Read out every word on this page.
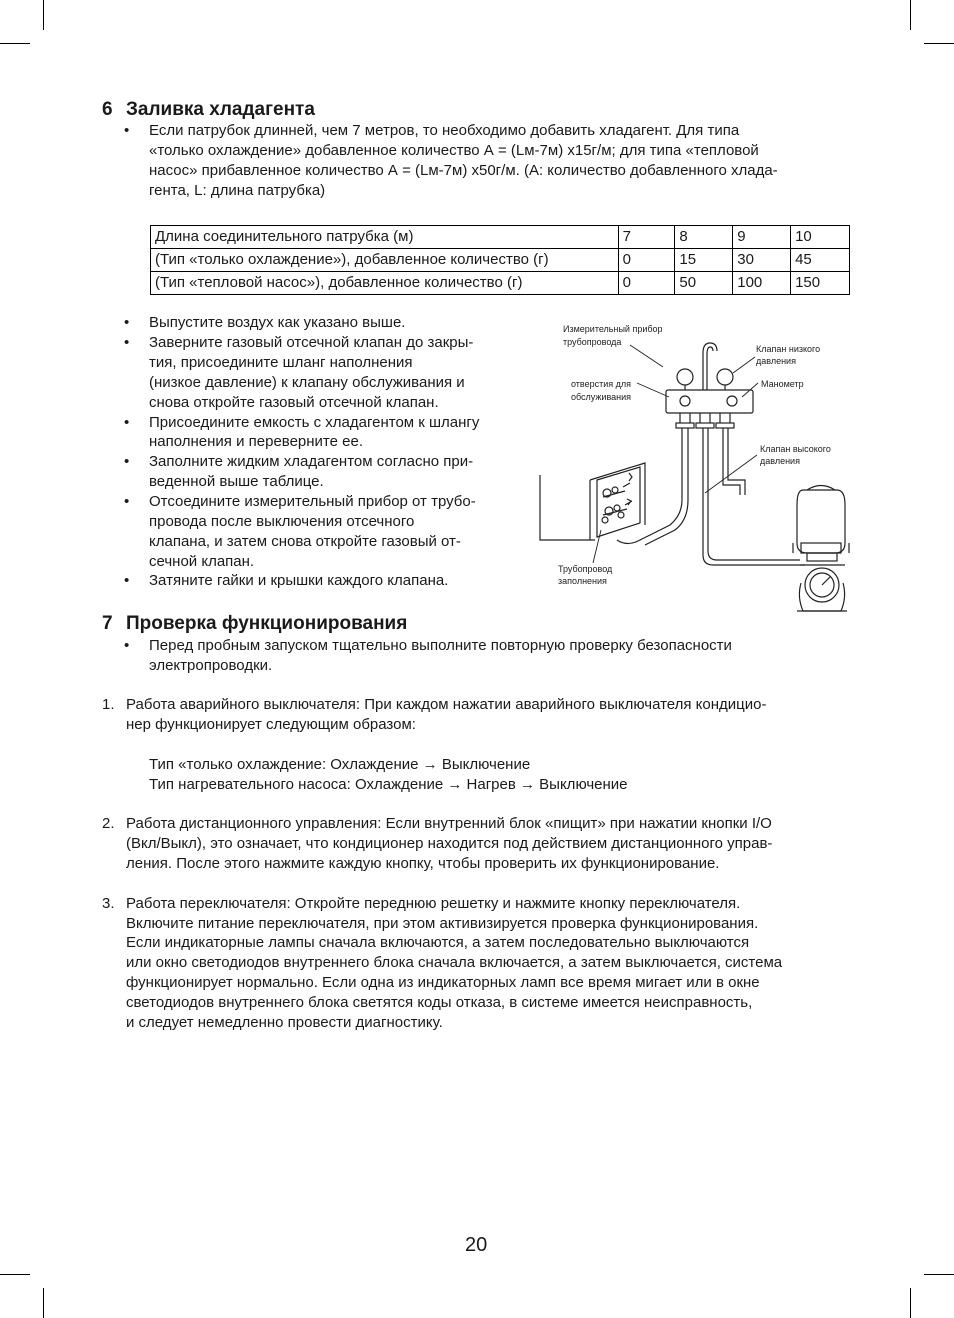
6 Заливка хладагента
• Если патрубок длинней, чем 7 метров, то необходимо добавить хладагент. Для типа
«только охлаждение» добавленное количество А = (Lм-7м) х15г/м; для типа «тепловой
насос» прибавленное количество А = (Lм-7м) х50г/м. (А: количество добавленного хлада-
гента, L: длина патрубка)
Длина соединительного патрубка (м)	7	8	9	10
(Тип «только охлаждение»), добавленное количество (г)	0	15	30	45
(Тип «тепловой насос»), добавленное количество (г)	0	50	100	150
• Выпустите воздух как указано выше.
• Заверните газовый отсечной клапан до закры-
тия, присоедините шланг наполнения
(низкое давление) к клапану обслуживания и
снова откройте газовый отсечной клапан.
• Присоедините емкость с хладагентом к шлангу
наполнения и переверните ее.
• Заполните жидким хладагентом согласно при-
веденной выше таблице.
• Отсоедините измерительный прибор от трубо-
провода после выключения отсечного
клапана, и затем снова откройте газовый от-
сечной клапан.
• Затяните гайки и крышки каждого клапана.
Измерительный прибор
трубопровода
Клапан низкого
давления
отверстия для
обслуживания
Манометр
Клапан высокого
давления
Трубопровод
заполнения
7 Проверка функционирования
• Перед пробным запуском тщательно выполните повторную проверку безопасности
электропроводки.
1. Работа аварийного выключателя: При каждом нажатии аварийного выключателя кондицио-
нер функционирует следующим образом:
Тип «только охлаждение: Охлаждение → Выключение
Тип нагревательного насоса: Охлаждение → Нагрев → Выключение
2. Работа дистанционного управления: Если внутренний блок «пищит» при нажатии кнопки I/O
(Вкл/Выкл), это означает, что кондиционер находится под действием дистанционного управ-
ления. После этого нажмите каждую кнопку, чтобы проверить их функционирование.
3. Работа переключателя: Откройте переднюю решетку и нажмите кнопку переключателя.
Включите питание переключателя, при этом активизируется проверка функционирования.
Если индикаторные лампы сначала включаются, а затем последовательно выключаются
или окно светодиодов внутреннего блока сначала включается, а затем выключается, система
функционирует нормально. Если одна из индикаторных ламп все время мигает или в окне
светодиодов внутреннего блока светятся коды отказа, в системе имеется неисправность,
и следует немедленно провести диагностику.
20
